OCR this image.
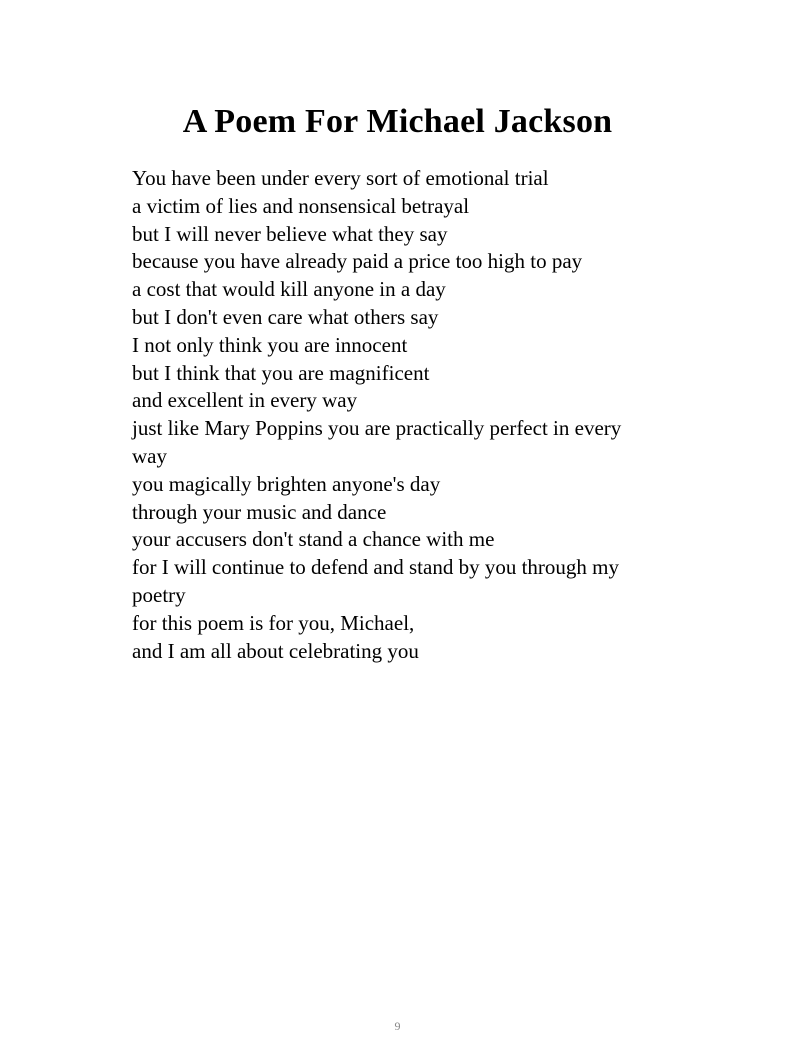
A Poem For Michael Jackson
You have been under every sort of emotional trial
a victim of lies and nonsensical betrayal
but I will never believe what they say
because you have already paid a price too high to pay
a cost that would kill anyone in a day
but I don't even care what others say
I not only think you are innocent
but I think that you are magnificent
and excellent in every way
just like Mary Poppins you are practically perfect in every
way
you magically brighten anyone's day
through your music and dance
your accusers don't stand a chance with me
for I will continue to defend and stand by you through my
poetry
for this poem is for you, Michael,
and I am all about celebrating you
9
